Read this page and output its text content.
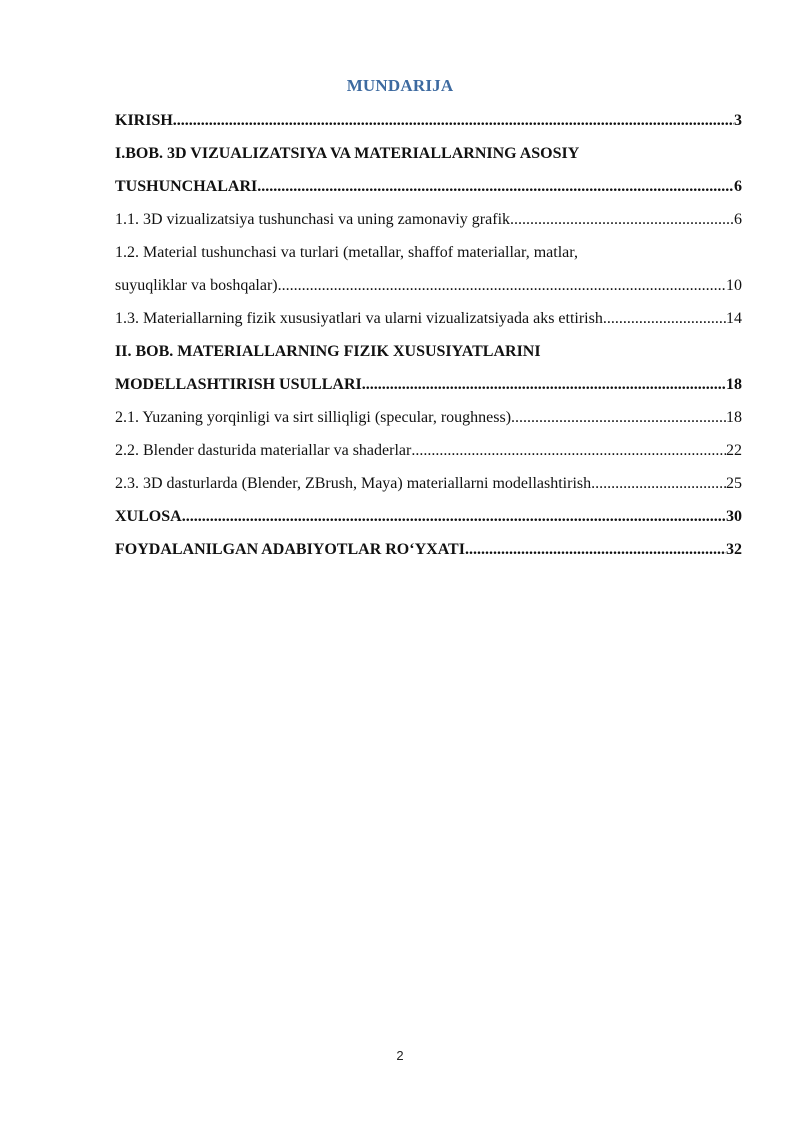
MUNDARIJA
KIRISH .....	3
I.BOB. 3D VIZUALIZATSIYA VA MATERIALLARNING ASOSIY
TUSHUNCHALARI .....	6
1.1. 3D vizualizatsiya tushunchasi va uning zamonaviy grafik .....	6
1.2. Material tushunchasi va turlari (metallar, shaffof materiallar, matlar,
suyuqliklar va boshqalar) .....	10
1.3. Materiallarning fizik xususiyatlari va ularni vizualizatsiyada aks ettirish .....	14
II. BOB. MATERIALLARNING FIZIK XUSUSIYATLARINI
MODELLASHTIRISH USULLARI .....	18
2.1. Yuzaning yorqinligi va sirt silliqligi (specular, roughness) .....	18
2.2. Blender dasturida materiallar va shaderlar .....	22
2.3. 3D dasturlarda (Blender, ZBrush, Maya) materiallarni modellashtirish .....	25
XULOSA .....	30
FOYDALANILGAN ADABIYOTLAR RO‘YXATI .....	32
2
